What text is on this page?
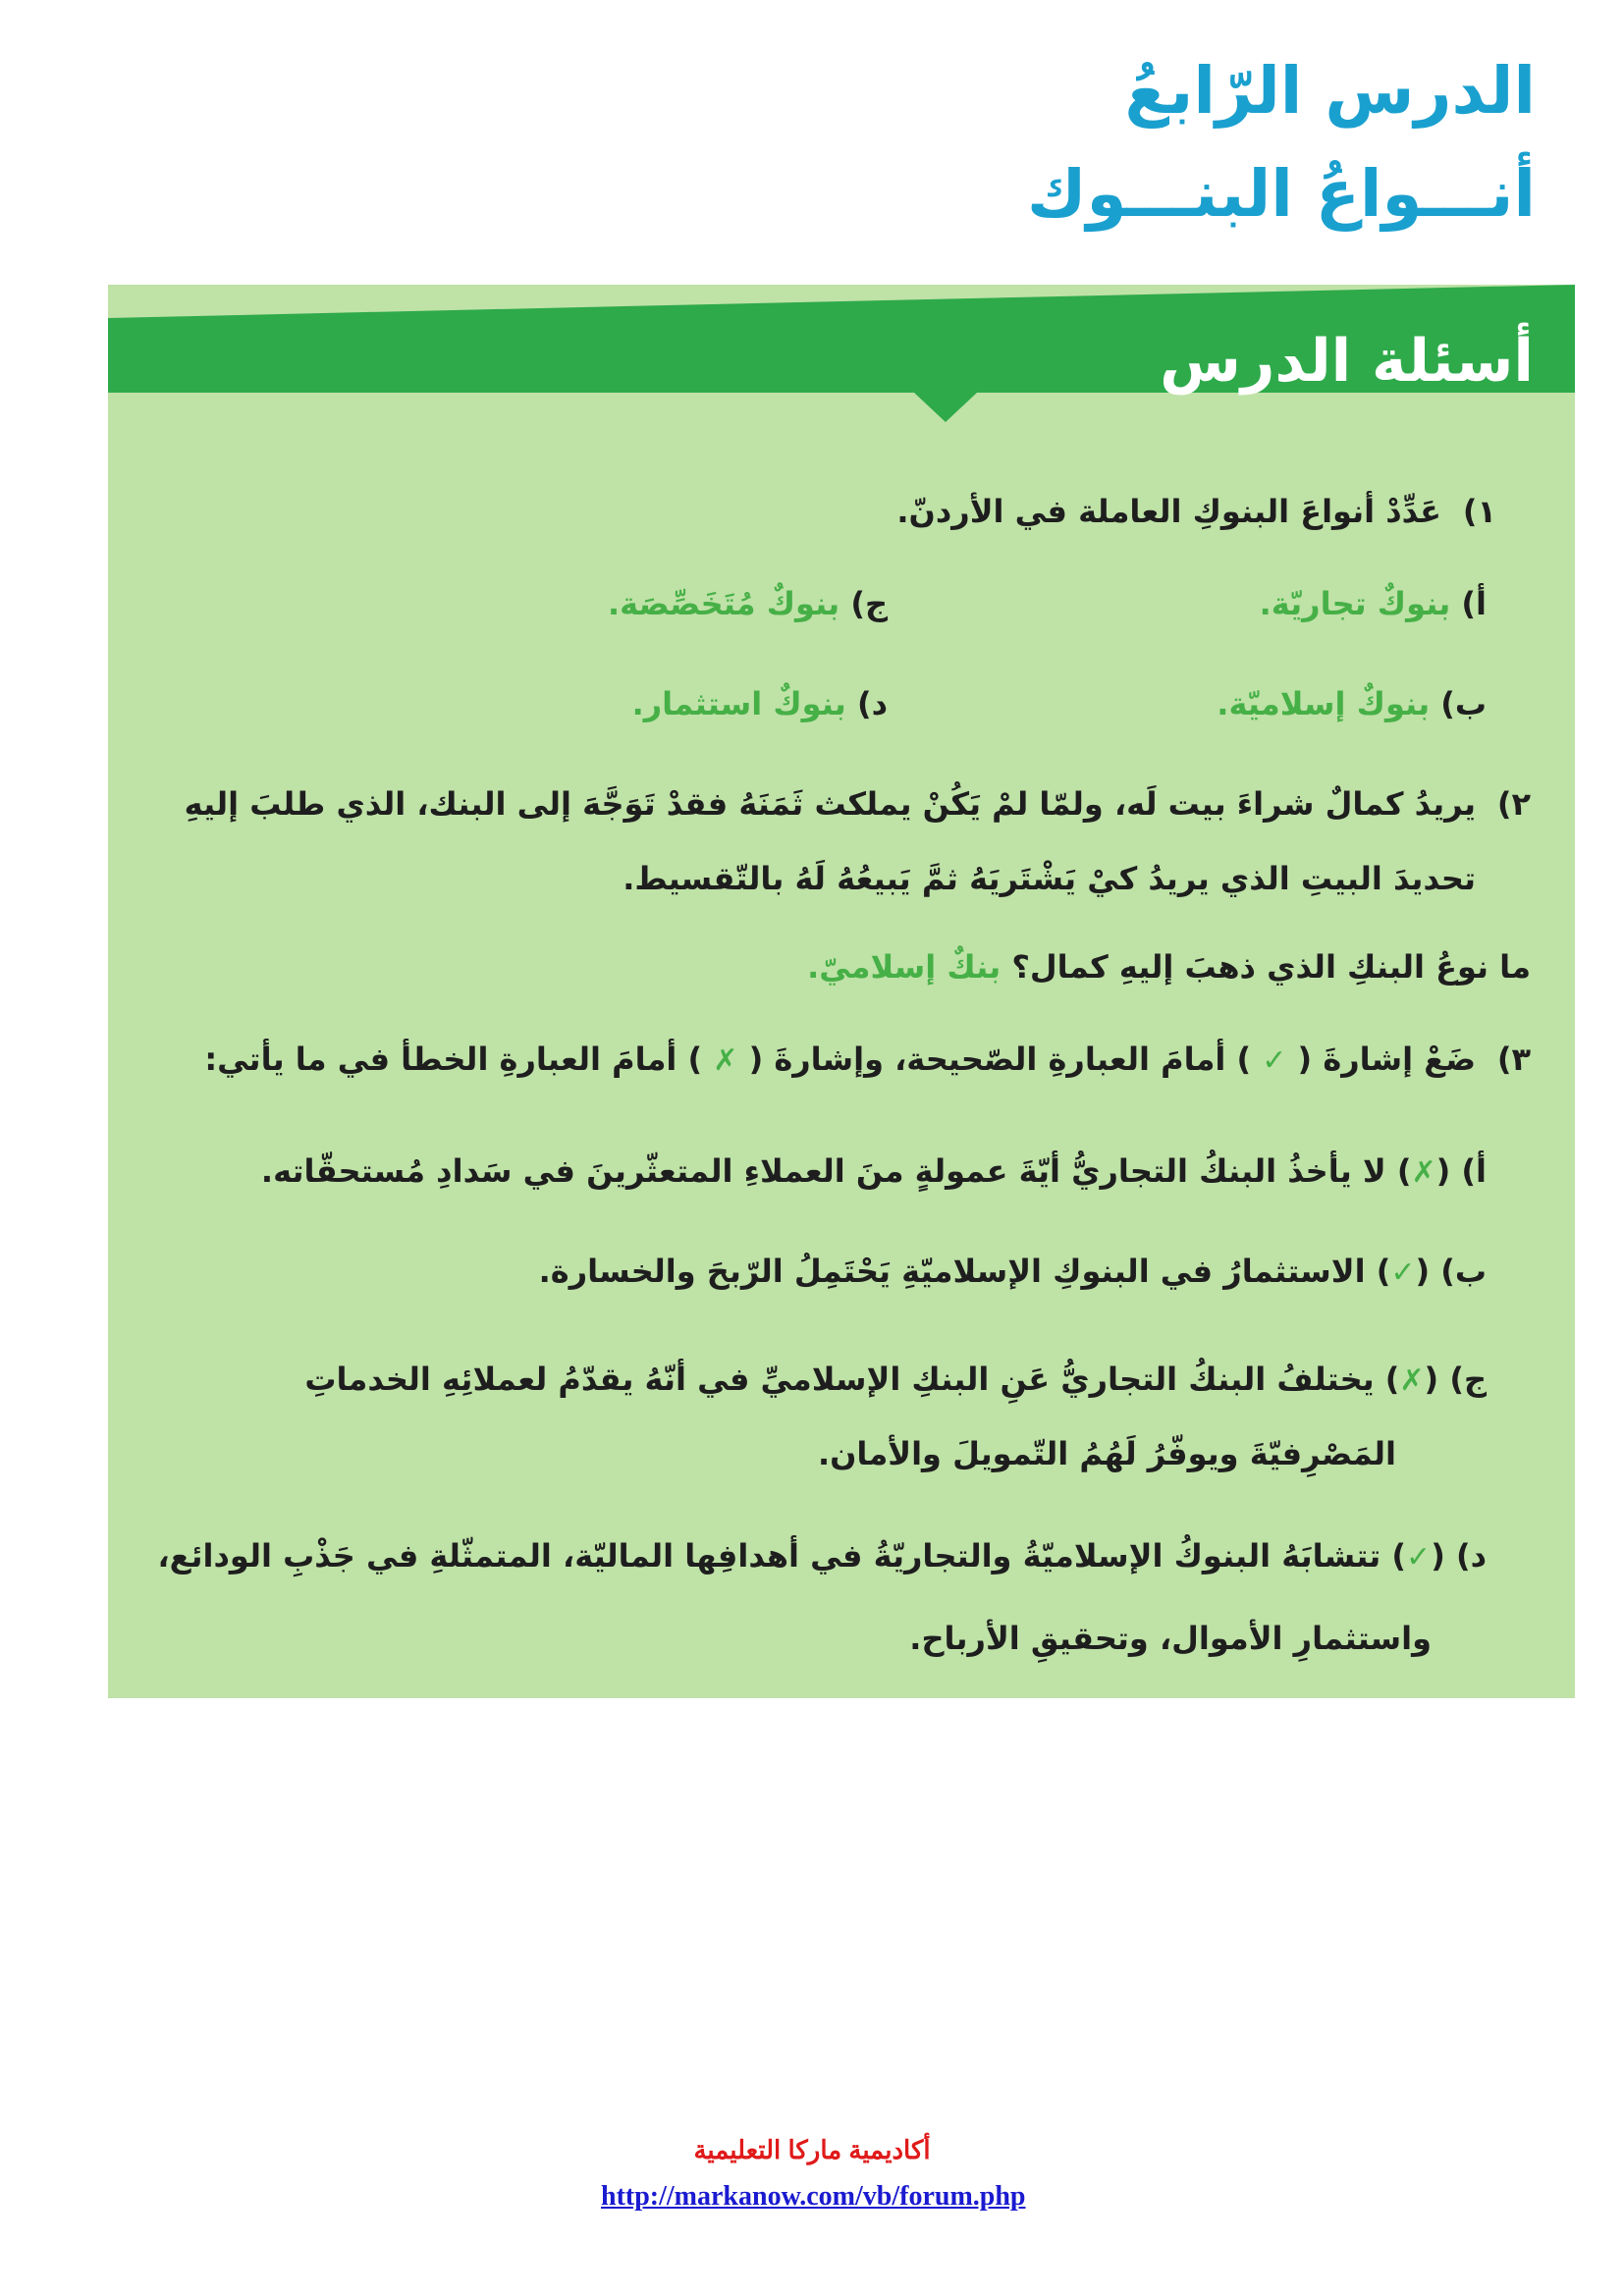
الدرس الرّابعُ
أنـــواعُ البنـــوك
أسئلة الدرس
١)عَدِّدْ أنواعَ البنوكِ العاملة في الأردنّ.
أ) بنوكٌ تجاريّة.
ج) بنوكٌ مُتَخَصِّصَة.
ب) بنوكٌ إسلاميّة.
د) بنوكٌ استثمار.
٢)يريدُ كمالٌ شراءَ بيت لَه، ولمّا لمْ يَكُنْ يملكث ثَمَنَهُ فقدْ تَوَجَّهَ إلى البنك، الذي طلبَ إليهِ
تحديدَ البيتِ الذي يريدُ كيْ يَشْتَريَهُ ثمَّ يَبيعُهُ لَهُ بالتّقسيط.
ما نوعُ البنكِ الذي ذهبَ إليهِ كمال؟ بنكٌ إسلاميّ.
٣)ضَعْ إشارةَ ( ✓ ) أمامَ العبارةِ الصّحيحة، وإشارةَ ( ✗ ) أمامَ العبارةِ الخطأ في ما يأتي:
أ) (✗) لا يأخذُ البنكُ التجاريُّ أيّةَ عمولةٍ منَ العملاءِ المتعثّرينَ في سَدادِ مُستحقّاته.
ب) (✓) الاستثمارُ في البنوكِ الإسلاميّةِ يَحْتَمِلُ الرّبحَ والخسارة.
ج) (✗) يختلفُ البنكُ التجاريُّ عَنِ البنكِ الإسلاميِّ في أنّهُ يقدّمُ لعملائِهِ الخدماتِ
المَصْرِفيّةَ ويوفّرُ لَهُمُ التّمويلَ والأمان.
د) (✓) تتشابَهُ البنوكُ الإسلاميّةُ والتجاريّةُ في أهدافِها الماليّة، المتمثّلةِ في جَذْبِ الودائع،
واستثمارِ الأموال، وتحقيقِ الأرباح.
أكاديمية ماركا التعليمية
http://markanow.com/vb/forum.php
